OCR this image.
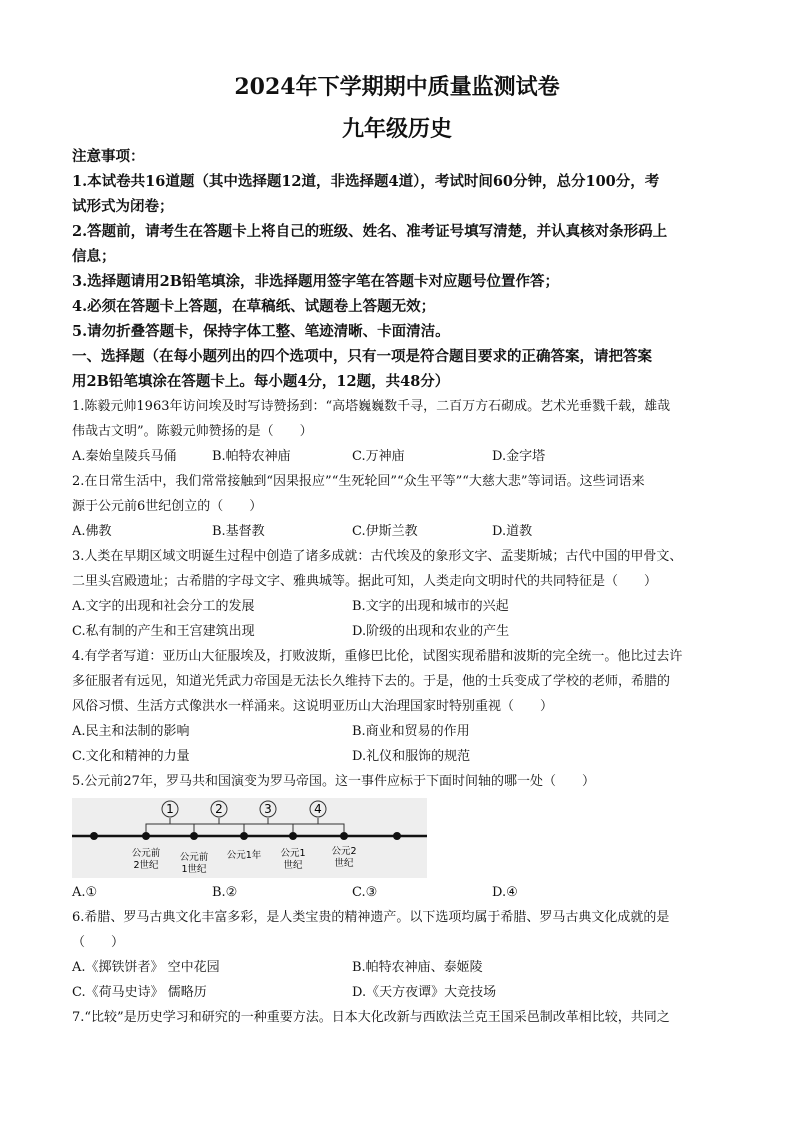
2024年下学期期中质量监测试卷
九年级历史
注意事项：
1.本试卷共16道题（其中选择题12道，非选择题4道），考试时间60分钟，总分100分，考
试形式为闭卷；
2.答题前，请考生在答题卡上将自己的班级、姓名、准考证号填写清楚，并认真核对条形码上
信息；
3.选择题请用2B铅笔填涂，非选择题用签字笔在答题卡对应题号位置作答；
4.必须在答题卡上答题，在草稿纸、试题卷上答题无效；
5.请勿折叠答题卡，保持字体工整、笔迹清晰、卡面清洁。
一、选择题（在每小题列出的四个选项中，只有一项是符合题目要求的正确答案，请把答案
用2B铅笔填涂在答题卡上。每小题4分，12题，共48分）
1.陈毅元帅1963年访问埃及时写诗赞扬到：“高塔巍巍数千寻，二百万方石砌成。艺术光垂戮千载，雄哉
伟哉古文明”。陈毅元帅赞扬的是（　　）
A.秦始皇陵兵马俑	B.帕特农神庙	C.万神庙	D.金字塔
2.在日常生活中，我们常常接触到“因果报应”“生死轮回”“众生平等”“大慈大悲”等词语。这些词语来
源于公元前6世纪创立的（　　）
A.佛教	B.基督教	C.伊斯兰教	D.道教
3.人类在早期区域文明诞生过程中创造了诸多成就：古代埃及的象形文字、孟斐斯城；古代中国的甲骨文、
二里头宫殿遗址；古希腊的字母文字、雅典城等。据此可知，人类走向文明时代的共同特征是（　　）
A.文字的出现和社会分工的发展	B.文字的出现和城市的兴起
C.私有制的产生和王宫建筑出现	D.阶级的出现和农业的产生
4.有学者写道：亚历山大征服埃及，打败波斯，重修巴比伦，试图实现希腊和波斯的完全统一。他比过去许
多征服者有远见，知道光凭武力帝国是无法长久维持下去的。于是，他的士兵变成了学校的老师，希腊的
风俗习惯、生活方式像洪水一样涌来。这说明亚历山大治理国家时特别重视（　　）
A.民主和法制的影响	B.商业和贸易的作用
C.文化和精神的力量	D.礼仪和服饰的规范
5.公元前27年，罗马共和国演变为罗马帝国。这一事件应标于下面时间轴的哪一处（　　）
1	2	3	4
公元前
2世纪
公元前
1世纪
公元1年 公元1
世纪
公元2
世纪
A.①	B.②	C.③	D.④
6.希腊、罗马古典文化丰富多彩，是人类宝贵的精神遗产。以下选项均属于希腊、罗马古典文化成就的是
（　　）
A.《掷铁饼者》 空中花园	B.帕特农神庙、泰姬陵
C.《荷马史诗》 儒略历	D.《天方夜谭》大竞技场
7.“比较”是历史学习和研究的一种重要方法。日本大化改新与西欧法兰克王国采邑制改革相比较，共同之
